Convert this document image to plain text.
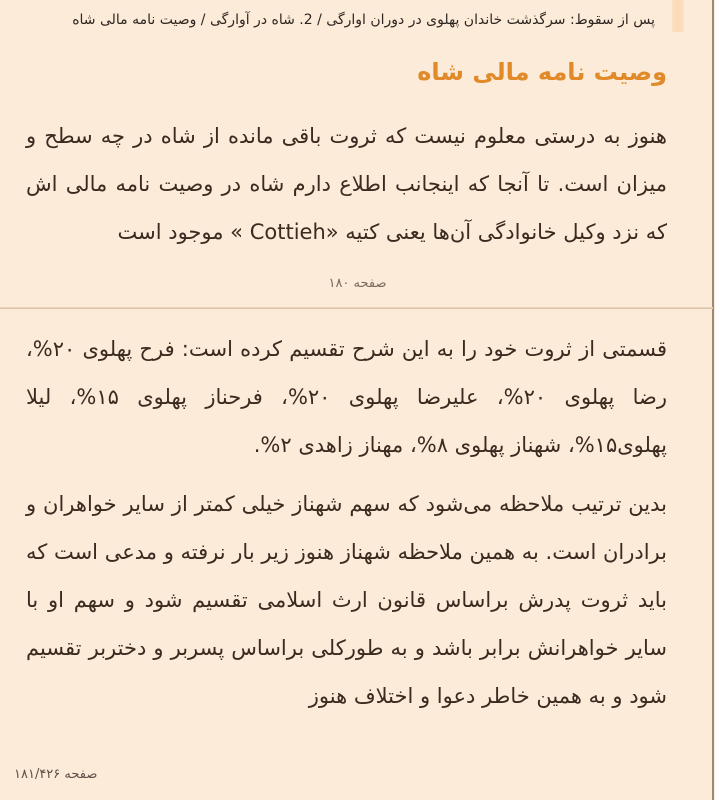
پس از سقوط: سرگذشت خاندان پهلوی در دوران اوارگی / 2. شاه در آوارگی / وصیت نامه مالی شاه
وصیت نامه مالی شاه

هنوز به درستی معلوم نیست که ثروت باقی مانده از شاه در چه سطح و میزان است. تا آنجا که اینجانب اطلاع دارم شاه در وصیت نامه مالی اش که نزد وکیل خانوادگی آن‌ها یعنی کتیه «Cottieh » موجود است

صفحه ۱۸۰

قسمتی از ثروت خود را به این شرح تقسیم کرده است: فرح پهلوی ۲۰%، رضا پهلوی ۲۰%، علیرضا پهلوی ۲۰%، فرحناز پهلوی ۱۵%، لیلا پهلوی۱۵%، شهناز پهلوی ۸%، مهناز زاهدی ۲%.

بدین ترتیب ملاحظه می‌شود که سهم شهناز خیلی کمتر از سایر خواهران و برادران است. به همین ملاحظه شهناز هنوز زیر بار نرفته و مدعی است که باید ثروت پدرش براساس قانون ارث اسلامی تقسیم شود و سهم او با سایر خواهرانش برابر باشد و به طورکلی براساس پسربر و دختربر تقسیم شود و به همین خاطر دعوا و اختلاف هنوز

صفحه ۱۸۱/۴۲۶
